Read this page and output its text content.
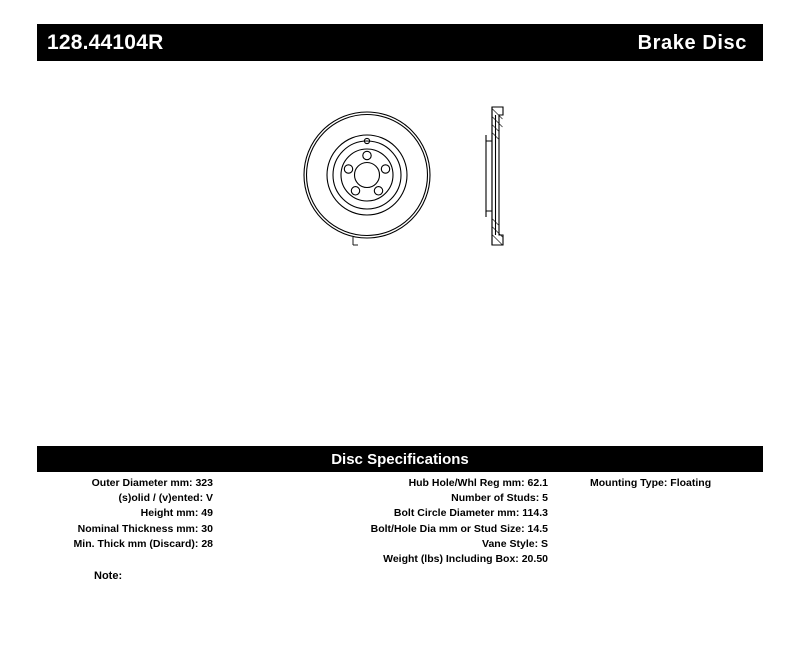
128.44104R	Brake Disc
Disc Specifications
Outer Diameter mm: 323
(s)olid / (v)ented: V
Height mm: 49
Nominal Thickness mm: 30
Min. Thick mm (Discard): 28
Hub Hole/Whl Reg mm: 62.1
Number of Studs: 5
Bolt Circle Diameter mm: 114.3
Bolt/Hole Dia mm or Stud Size: 14.5
Vane Style: S
Weight (lbs) Including Box: 20.50
Mounting Type: Floating
Note:
